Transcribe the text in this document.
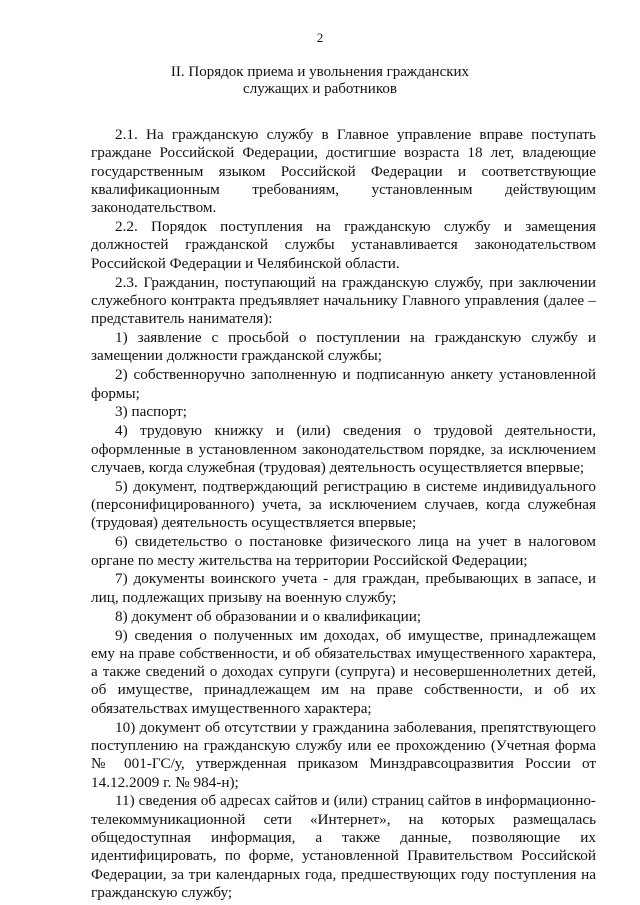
2
II. Порядок приема и увольнения гражданских
служащих и работников

2.1. На гражданскую службу в Главное управление вправе поступать граждане Российской Федерации, достигшие возраста 18 лет, владеющие государственным языком Российской Федерации и соответствующие квалификационным требованиям, установленным действующим законодательством.

2.2. Порядок поступления на гражданскую службу и замещения должностей гражданской службы устанавливается законодательством Российской Федерации и Челябинской области.

2.3. Гражданин, поступающий на гражданскую службу, при заключении служебного контракта предъявляет начальнику Главного управления (далее – представитель нанимателя):

1) заявление с просьбой о поступлении на гражданскую службу и замещении должности гражданской службы;

2) собственноручно заполненную и подписанную анкету установленной формы;

3) паспорт;

4) трудовую книжку и (или) сведения о трудовой деятельности, оформленные в установленном законодательством порядке, за исключением случаев, когда служебная (трудовая) деятельность осуществляется впервые;

5) документ, подтверждающий регистрацию в системе индивидуального (персонифицированного) учета, за исключением случаев, когда служебная (трудовая) деятельность осуществляется впервые;

6) свидетельство о постановке физического лица на учет в налоговом органе по месту жительства на территории Российской Федерации;

7) документы воинского учета - для граждан, пребывающих в запасе, и лиц, подлежащих призыву на военную службу;

8) документ об образовании и о квалификации;

9) сведения о полученных им доходах, об имуществе, принадлежащем ему на праве собственности, и об обязательствах имущественного характера, а также сведений о доходах супруги (супруга) и несовершеннолетних детей, об имуществе, принадлежащем им на праве собственности, и об их обязательствах имущественного характера;

10) документ об отсутствии у гражданина заболевания, препятствующего поступлению на гражданскую службу или ее прохождению (Учетная форма № 001-ГС/у, утвержденная приказом Минздравсоцразвития России от 14.12.2009 г. № 984-н);

11) сведения об адресах сайтов и (или) страниц сайтов в информационно-телекоммуникационной сети «Интернет», на которых размещалась общедоступная информация, а также данные, позволяющие их идентифицировать, по форме, установленной Правительством Российской Федерации, за три календарных года, предшествующих году поступления на гражданскую службу;
